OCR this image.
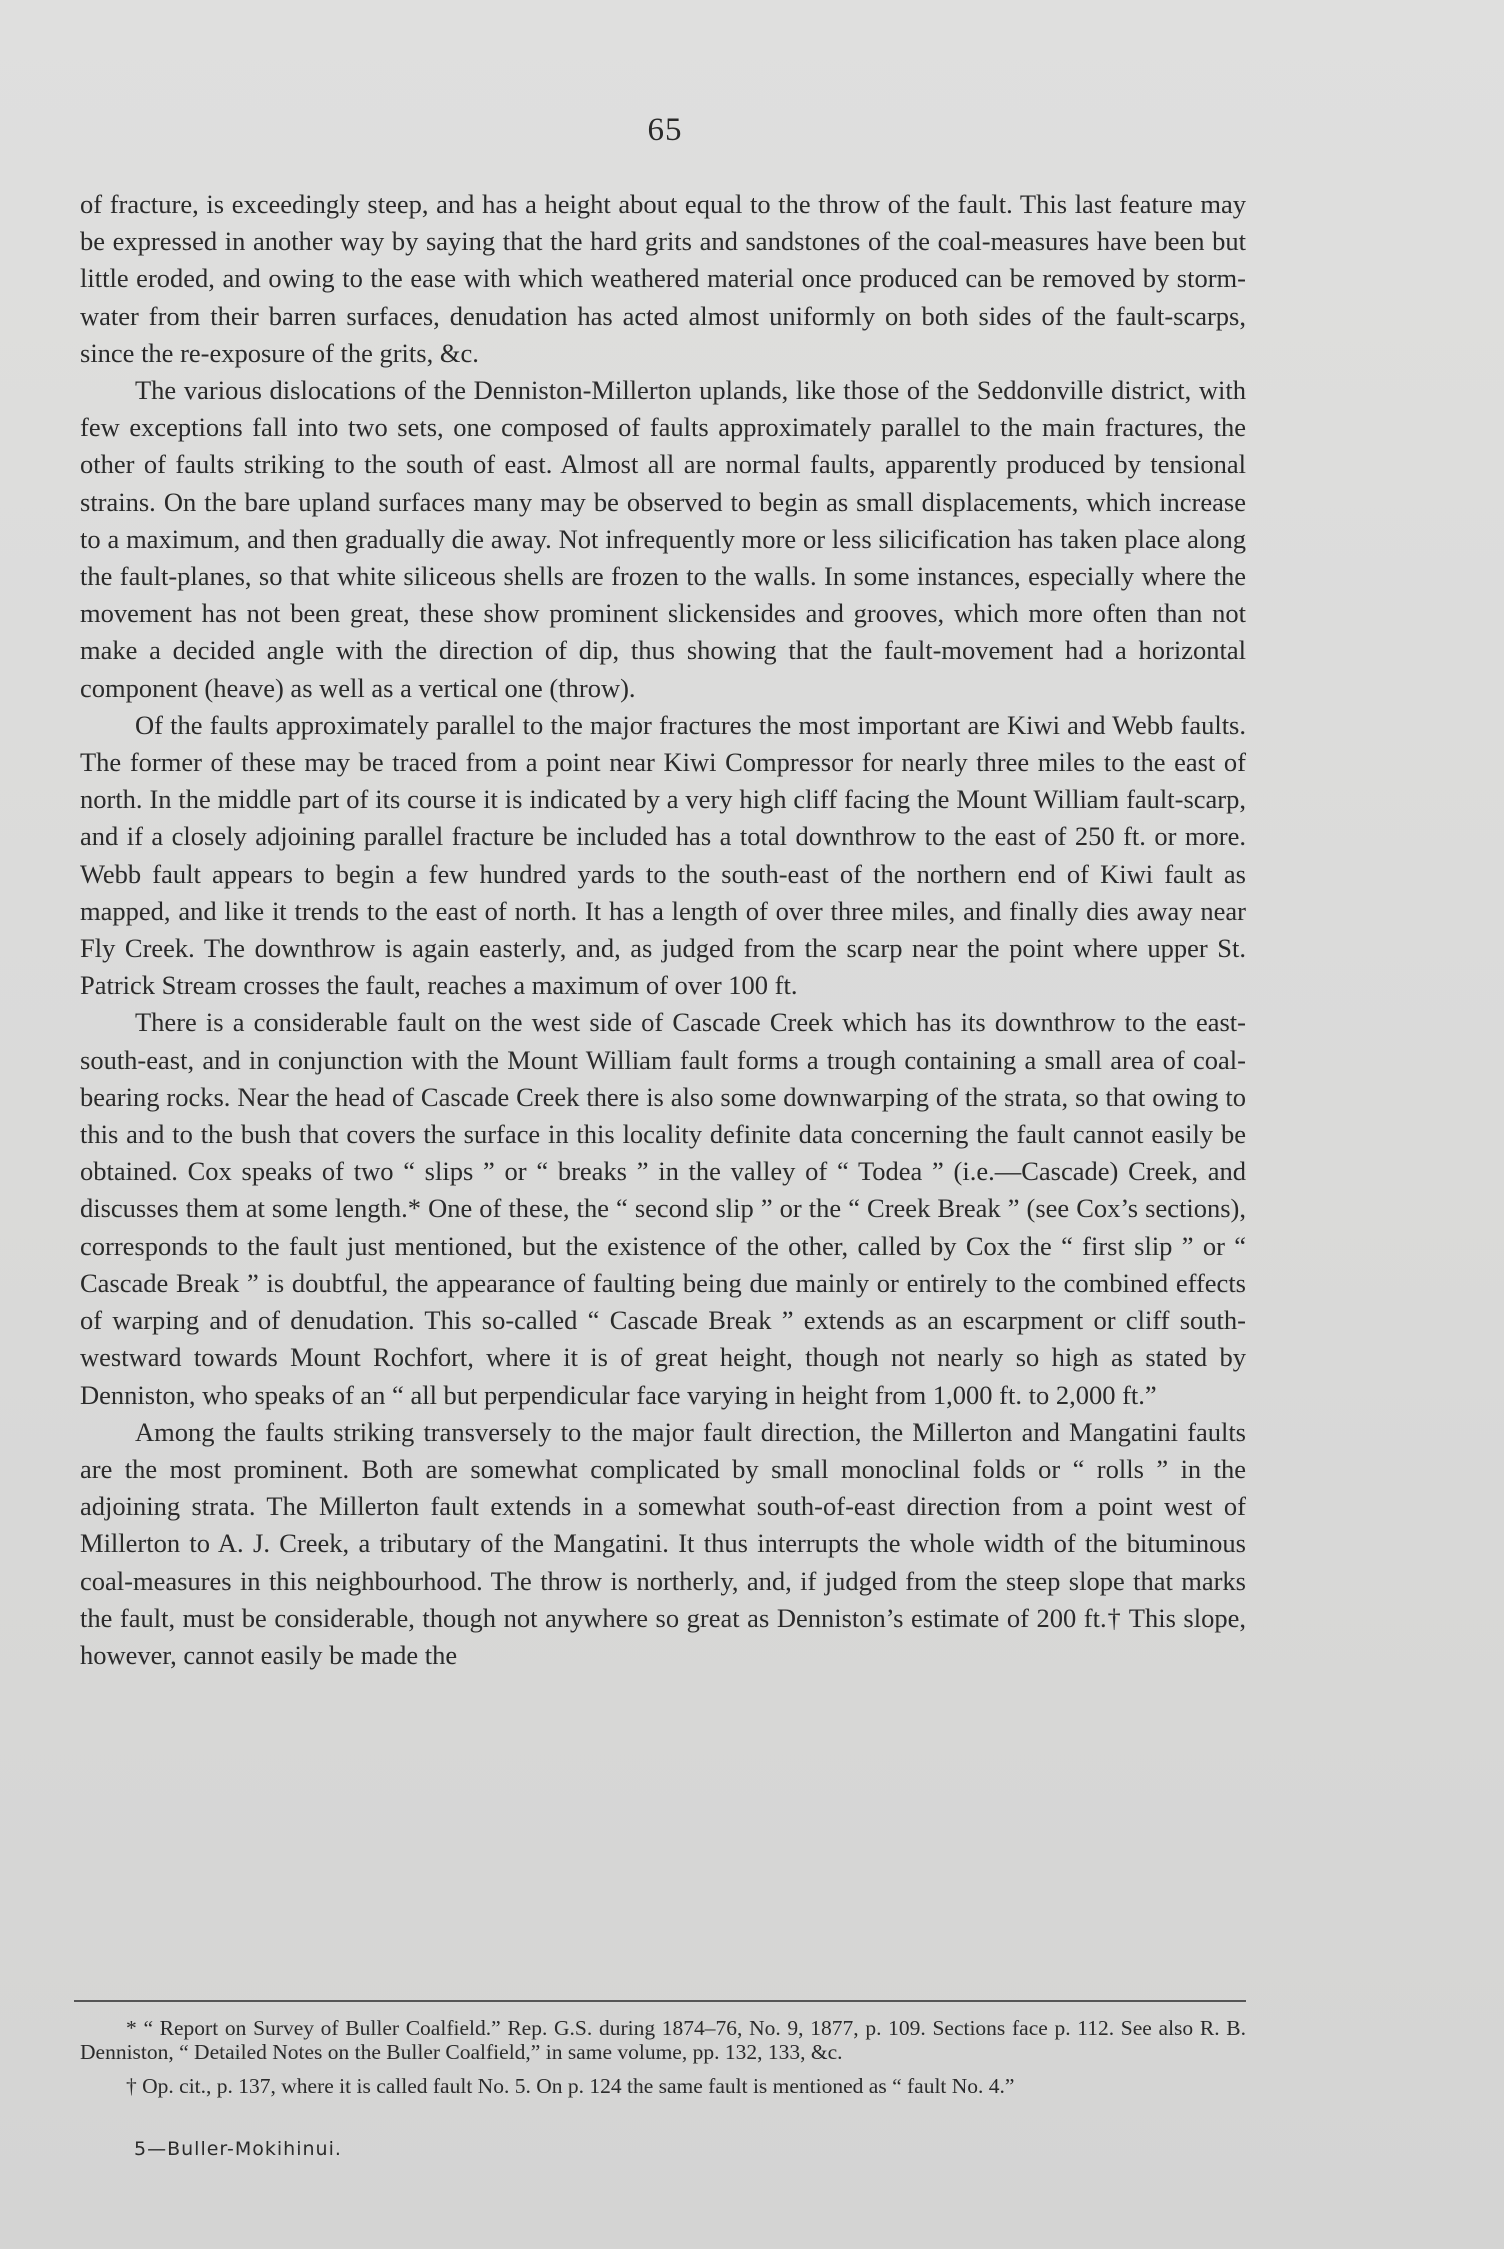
65

of fracture, is exceedingly steep, and has a height about equal to the throw of the fault. This last feature may be expressed in another way by saying that the hard grits and sandstones of the coal-measures have been but little eroded, and owing to the ease with which weathered material once produced can be removed by storm-water from their barren surfaces, denudation has acted almost uniformly on both sides of the fault-scarps, since the re-exposure of the grits, &c.

The various dislocations of the Denniston-Millerton uplands, like those of the Seddonville district, with few exceptions fall into two sets, one composed of faults approximately parallel to the main fractures, the other of faults striking to the south of east. Almost all are normal faults, apparently produced by tensional strains. On the bare upland surfaces many may be observed to begin as small displacements, which increase to a maximum, and then gradually die away. Not infrequently more or less silicification has taken place along the fault-planes, so that white siliceous shells are frozen to the walls. In some instances, especially where the movement has not been great, these show prominent slickensides and grooves, which more often than not make a decided angle with the direction of dip, thus showing that the fault-movement had a horizontal component (heave) as well as a vertical one (throw).

Of the faults approximately parallel to the major fractures the most important are Kiwi and Webb faults. The former of these may be traced from a point near Kiwi Compressor for nearly three miles to the east of north. In the middle part of its course it is indicated by a very high cliff facing the Mount William fault-scarp, and if a closely adjoining parallel fracture be included has a total downthrow to the east of 250 ft. or more. Webb fault appears to begin a few hundred yards to the south-east of the northern end of Kiwi fault as mapped, and like it trends to the east of north. It has a length of over three miles, and finally dies away near Fly Creek. The downthrow is again easterly, and, as judged from the scarp near the point where upper St. Patrick Stream crosses the fault, reaches a maximum of over 100 ft.

There is a considerable fault on the west side of Cascade Creek which has its downthrow to the east-south-east, and in conjunction with the Mount William fault forms a trough containing a small area of coal-bearing rocks. Near the head of Cascade Creek there is also some downwarping of the strata, so that owing to this and to the bush that covers the surface in this locality definite data concerning the fault cannot easily be obtained. Cox speaks of two “ slips ” or “ breaks ” in the valley of “ Todea ” (i.e.—Cascade) Creek, and discusses them at some length.* One of these, the “ second slip ” or the “ Creek Break ” (see Cox’s sections), corresponds to the fault just mentioned, but the existence of the other, called by Cox the “ first slip ” or “ Cascade Break ” is doubtful, the appearance of faulting being due mainly or entirely to the combined effects of warping and of denudation. This so-called “ Cascade Break ” extends as an escarpment or cliff south-westward towards Mount Rochfort, where it is of great height, though not nearly so high as stated by Denniston, who speaks of an “ all but perpendicular face varying in height from 1,000 ft. to 2,000 ft.”

Among the faults striking transversely to the major fault direction, the Millerton and Mangatini faults are the most prominent. Both are somewhat complicated by small monoclinal folds or “ rolls ” in the adjoining strata. The Millerton fault extends in a somewhat south-of-east direction from a point west of Millerton to A. J. Creek, a tributary of the Mangatini. It thus interrupts the whole width of the bituminous coal-measures in this neighbourhood. The throw is northerly, and, if judged from the steep slope that marks the fault, must be considerable, though not anywhere so great as Denniston’s estimate of 200 ft.† This slope, however, cannot easily be made the

* “ Report on Survey of Buller Coalfield.” Rep. G.S. during 1874–76, No. 9, 1877, p. 109. Sections face p. 112. See also R. B. Denniston, “ Detailed Notes on the Buller Coalfield,” in same volume, pp. 132, 133, &c.

† Op. cit., p. 137, where it is called fault No. 5. On p. 124 the same fault is mentioned as “ fault No. 4.”

5—Buller-Mokihinui.
